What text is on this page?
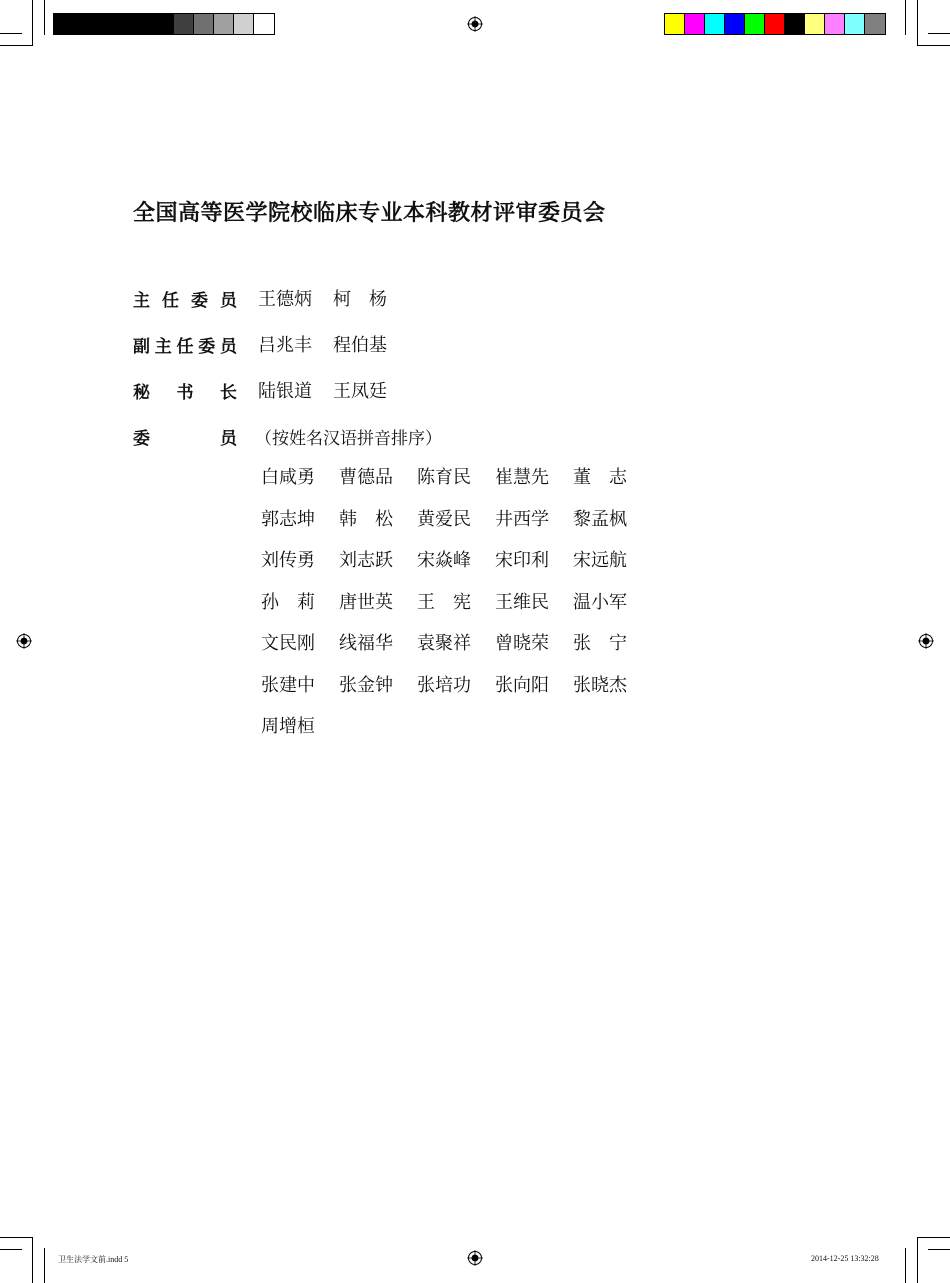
全国高等医学院校临床专业本科教材评审委员会
主 任 委 员 王德炳 柯　杨
副 主 任 委 员 吕兆丰 程伯基
秘 书 长 陆银道 王凤廷
委	员 （按姓名汉语拼音排序）
白咸勇	曹德品	陈育民	崔慧先	董　志
郭志坤	韩　松	黄爱民	井西学	黎孟枫
刘传勇	刘志跃	宋焱峰	宋印利	宋远航
孙　莉	唐世英	王　宪	王维民	温小军
文民刚	线福华	袁聚祥	曾晓荣	张　宁
张建中	张金钟	张培功	张向阳	张晓杰
周增桓
卫生法学文前.indd 5	2014-12-25 13:32:28
